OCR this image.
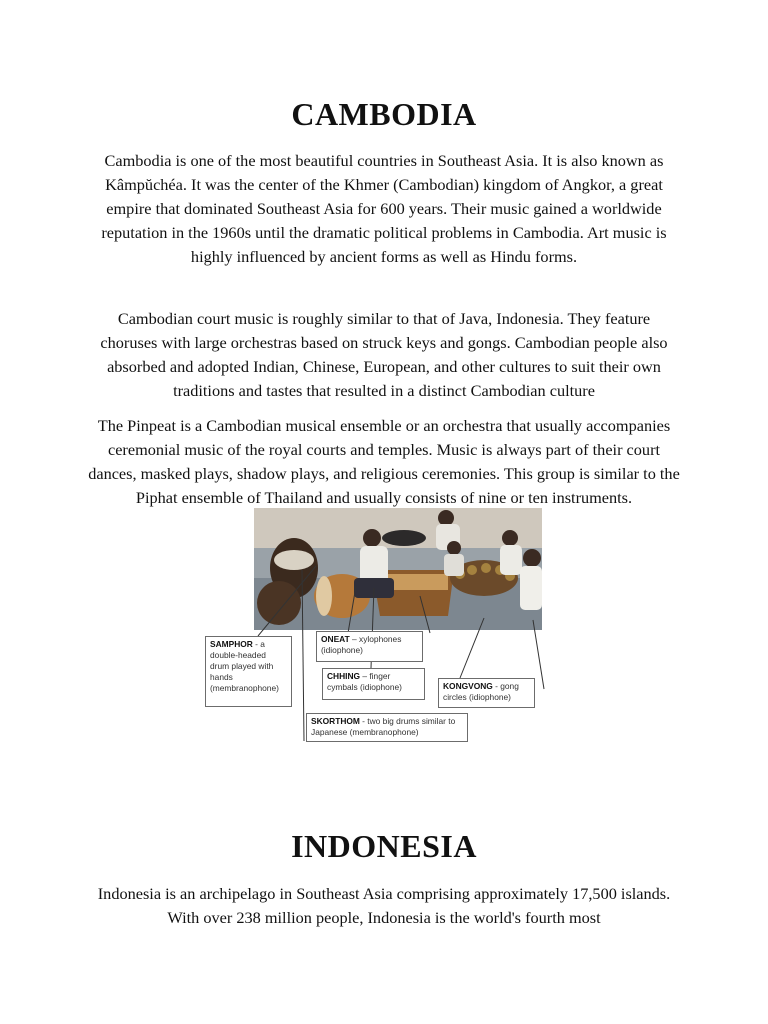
CAMBODIA

Cambodia is one of the most beautiful countries in Southeast Asia. It is also known as Kâmpŭchéa. It was the center of the Khmer (Cambodian) kingdom of Angkor, a great empire that dominated Southeast Asia for 600 years. Their music gained a worldwide reputation in the 1960s until the dramatic political problems in Cambodia. Art music is highly influenced by ancient forms as well as Hindu forms.

Cambodian court music is roughly similar to that of Java, Indonesia. They feature choruses with large orchestras based on struck keys and gongs. Cambodian people also absorbed and adopted Indian, Chinese, European, and other cultures to suit their own traditions and tastes that resulted in a distinct Cambodian culture

The Pinpeat is a Cambodian musical ensemble or an orchestra that usually accompanies ceremonial music of the royal courts and temples. Music is always part of their court dances, masked plays, shadow plays, and religious ceremonies. This group is similar to the Piphat ensemble of Thailand and usually consists of nine or ten instruments.

SAMPHOR - a double-headed drum played with hands (membranophone)
ONEAT – xylophones (idiophone)
CHHING – finger cymbals (idiophone)	KONGVONG - gong circles (idiophone)
SKORTHOM - two big drums similar to Japanese (membranophone)
INDONESIA

Indonesia is an archipelago in Southeast Asia comprising approximately 17,500 islands. With over 238 million people, Indonesia is the world's fourth most
